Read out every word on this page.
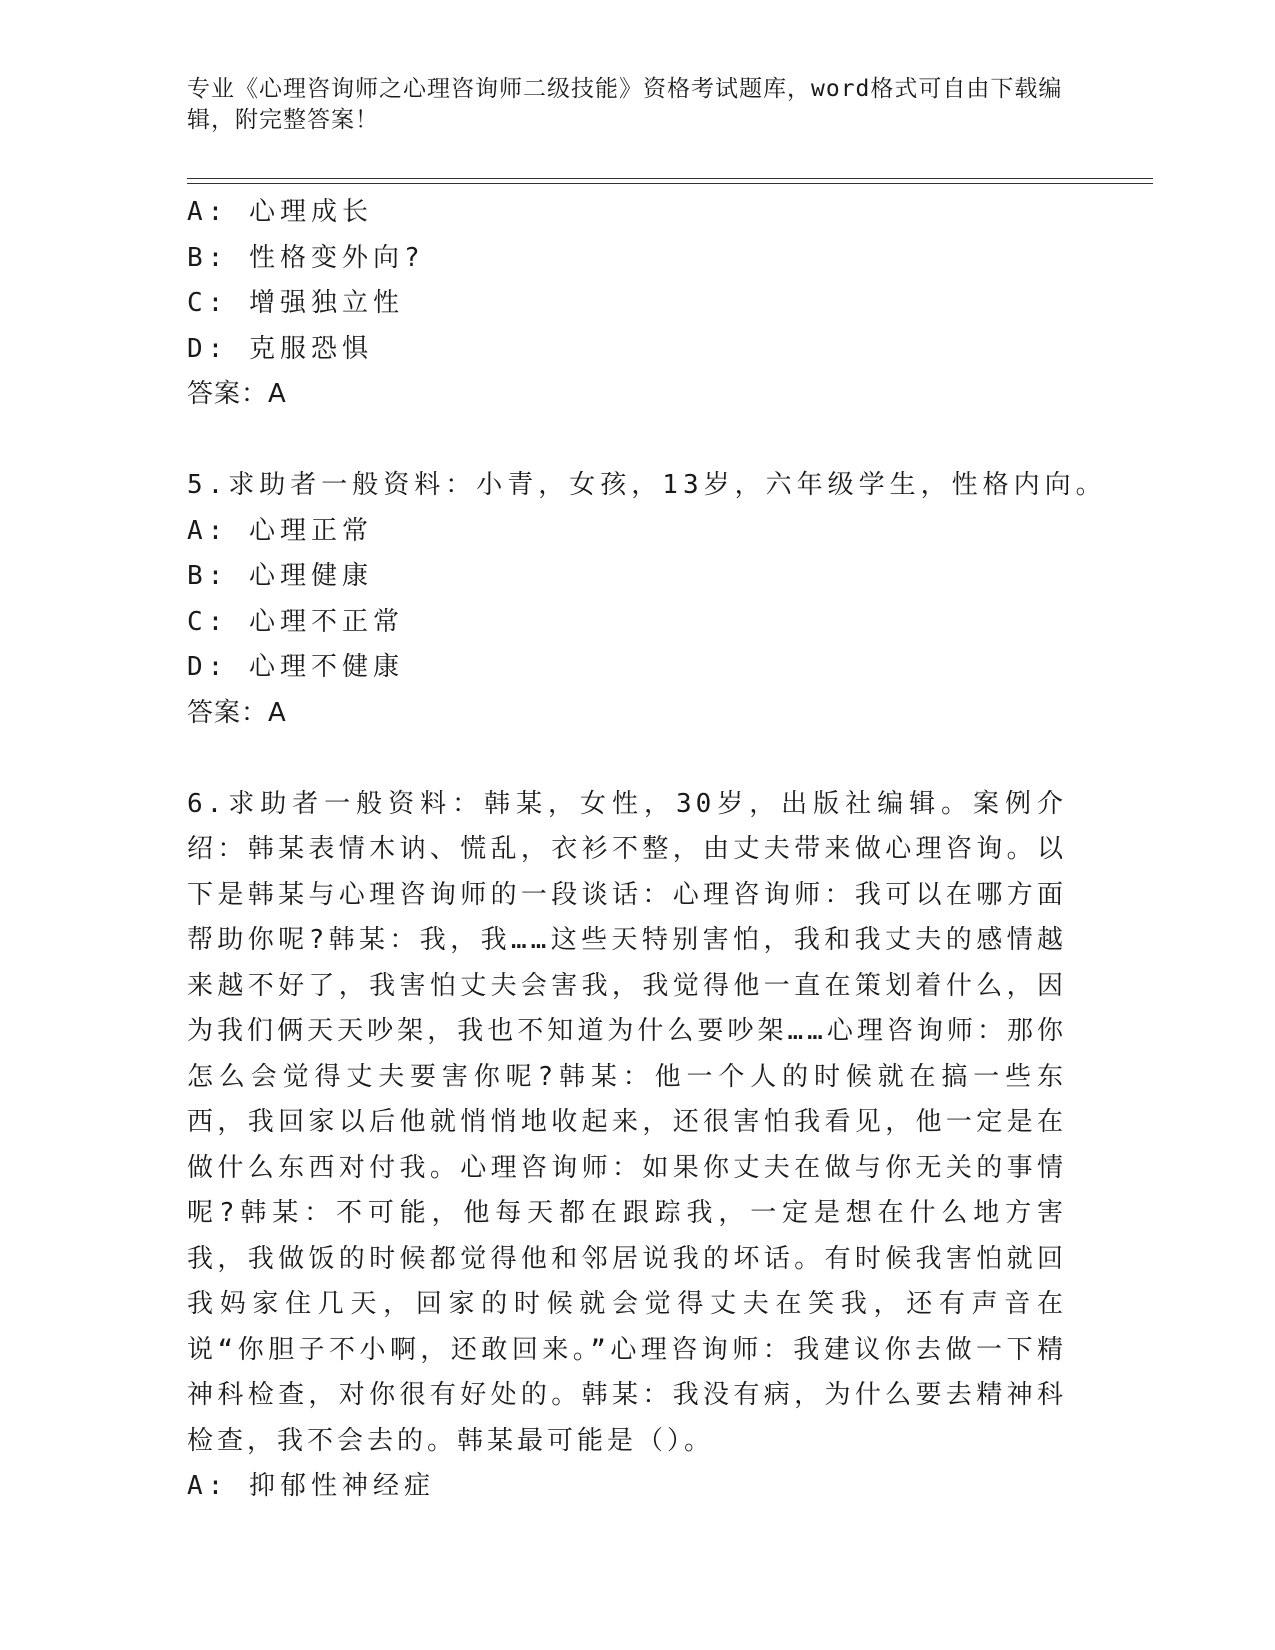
专业《心理咨询师之心理咨询师二级技能》资格考试题库，word格式可自由下载编辑，附完整答案！
A: 心理成长
B: 性格变外向?
C: 增强独立性
D: 克服恐惧
答案：A
5.求助者一般资料：小青，女孩，13岁，六年级学生，性格内向。
A: 心理正常
B: 心理健康
C: 心理不正常
D: 心理不健康
答案：A
6.求助者一般资料：韩某，女性，30岁，出版社编辑。案例介绍：韩某表情木讷、慌乱，衣衫不整，由丈夫带来做心理咨询。以下是韩某与心理咨询师的一段谈话：心理咨询师：我可以在哪方面帮助你呢?韩某：我，我……这些天特别害怕，我和我丈夫的感情越来越不好了，我害怕丈夫会害我，我觉得他一直在策划着什么，因为我们俩天天吵架，我也不知道为什么要吵架……心理咨询师：那你怎么会觉得丈夫要害你呢?韩某：他一个人的时候就在搞一些东西，我回家以后他就悄悄地收起来，还很害怕我看见，他一定是在做什么东西对付我。心理咨询师：如果你丈夫在做与你无关的事情呢?韩某：不可能，他每天都在跟踪我，一定是想在什么地方害我，我做饭的时候都觉得他和邻居说我的坏话。有时候我害怕就回我妈家住几天，回家的时候就会觉得丈夫在笑我，还有声音在说“你胆子不小啊，还敢回来。”心理咨询师：我建议你去做一下精神科检查，对你很有好处的。韩某：我没有病，为什么要去精神科检查，我不会去的。韩某最可能是（）。
A: 抑郁性神经症
